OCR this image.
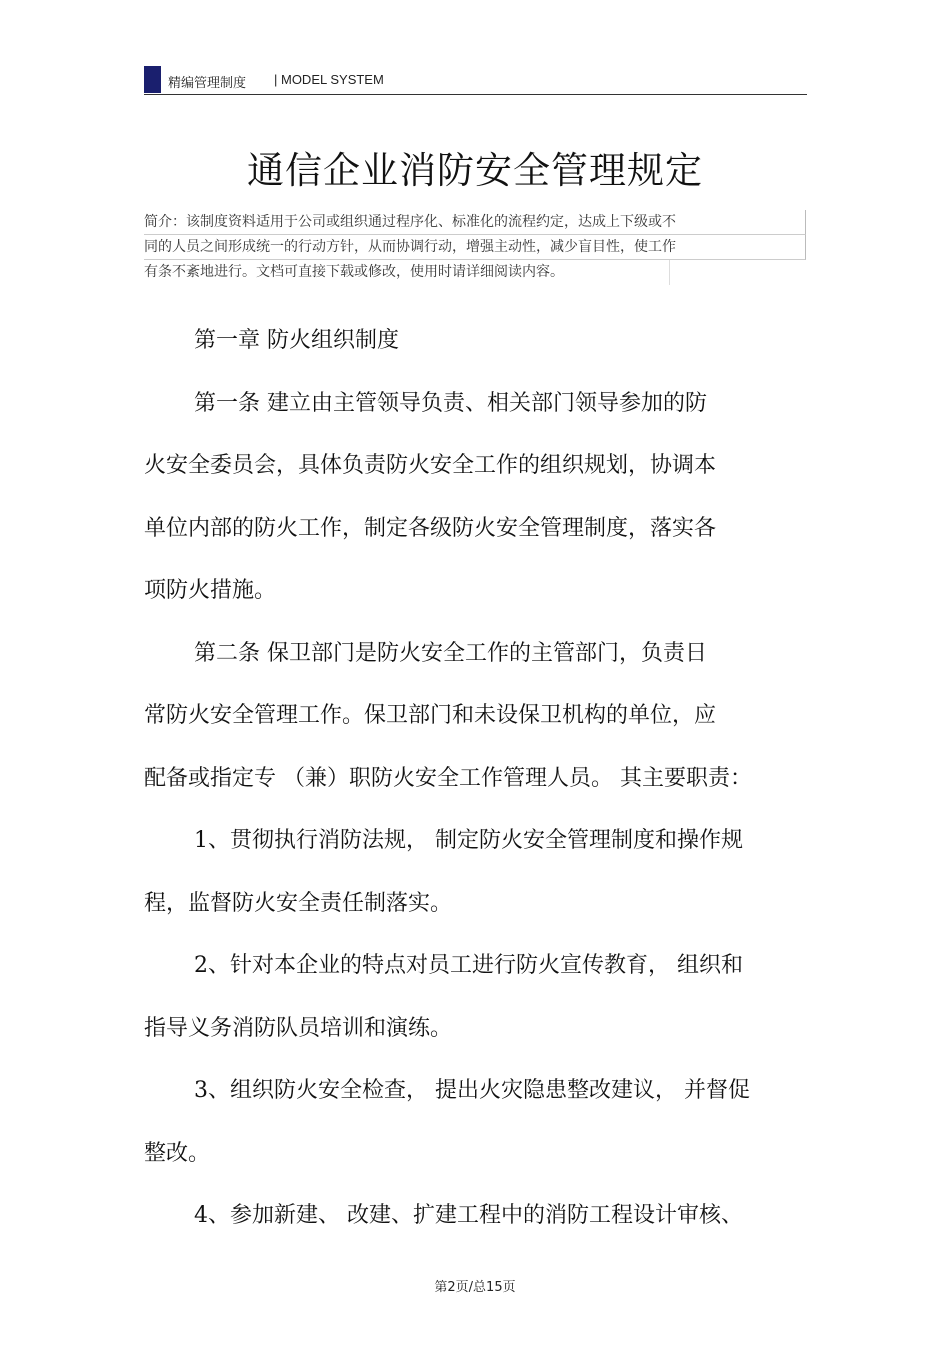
精编管理制度 | MODEL SYSTEM
通信企业消防安全管理规定
简介：该制度资料适用于公司或组织通过程序化、标准化的流程约定，达成上下级或不
同的人员之间形成统一的行动方针，从而协调行动，增强主动性，减少盲目性，使工作
有条不紊地进行。文档可直接下载或修改，使用时请详细阅读内容。
第一章 防火组织制度
第一条 建立由主管领导负责、相关部门领导参加的防
火安全委员会，具体负责防火安全工作的组织规划，协调本
单位内部的防火工作，制定各级防火安全管理制度，落实各
项防火措施。
第二条 保卫部门是防火安全工作的主管部门，负责日
常防火安全管理工作。保卫部门和未设保卫机构的单位，应
配备或指定专 （兼）职防火安全工作管理人员。 其主要职责：
1、贯彻执行消防法规， 制定防火安全管理制度和操作规
程，监督防火安全责任制落实。
2、针对本企业的特点对员工进行防火宣传教育， 组织和
指导义务消防队员培训和演练。
3、组织防火安全检查， 提出火灾隐患整改建议， 并督促
整改。
4、参加新建、 改建、扩建工程中的消防工程设计审核、
第2页/总15页
